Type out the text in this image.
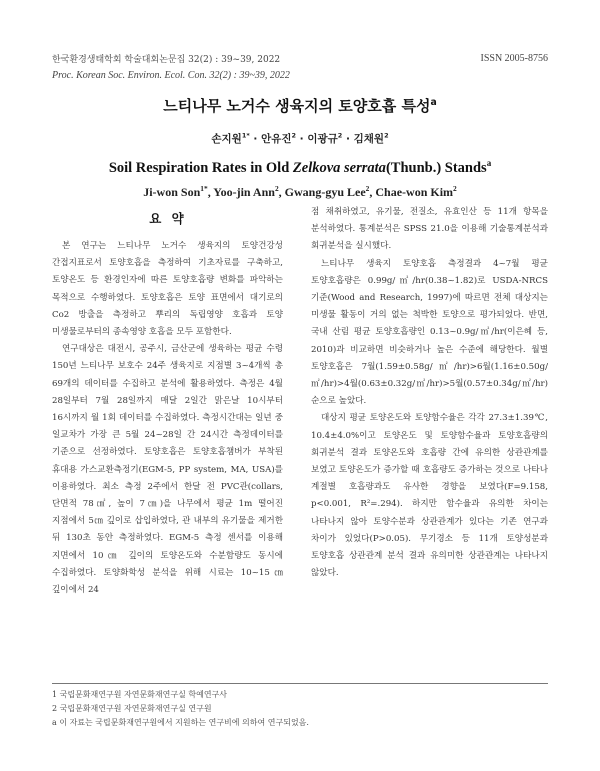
한국환경생태학회 학술대회논문집 32(2) : 39~39, 2022
Proc. Korean Soc. Environ. Ecol. Con. 32(2) : 39~39, 2022
ISSN 2005-8756
느티나무 노거수 생육지의 토양호흡 특성$^a$
손지원$^{1*}$ · 안유진$^2$ · 이광규$^2$ · 김채원$^2$
Soil Respiration Rates in Old Zelkova serrata(Thunb.) Stands$^a$
Ji-won Son$^{1*}$, Yoo-jin Ann$^2$, Gwang-gyu Lee$^2$, Chae-won Kim$^2$
요 약

본 연구는 느티나무 노거수 생육지의 토양건강성 간접지표로서 토양호흡을 측정하여 기초자료를 구축하고, 토양온도 등 환경인자에 따른 토양호흡량 변화를 파악하는 목적으로 수행하였다. 토양호흡은 토양 표면에서 대기로의 Co2 방출을 측정하고 뿌리의 독립영양 호흡과 토양 미생물로부터의 종속영양 호흡을 모두 포함한다.

연구대상은 대전시, 공주시, 금산군에 생육하는 평균 수령 150년 느티나무 보호수 24주 생육지로 지점별 3~4개씩 총 69개의 데이터를 수집하고 분석에 활용하였다. 측정은 4월 28일부터 7월 28일까지 매달 2일간 맑은날 10시부터 16시까지 월 1회 데이터를 수집하였다. 측정시간대는 일년 중 일교차가 가장 큰 5월 24~28일 간 24시간 측정데이터를 기준으로 선정하였다. 토양호흡은 토양호흡챔버가 부착된 휴대용 가스교환측정기(EGM-5, PP system, MA, USA)를 이용하였다. 최소 측정 2주에서 한달 전 PVC관(collars, 단면적 78㎠, 높이 7㎝)을 나무에서 평균 1m 떨어진 지점에서 5㎝ 깊이로 삽입하였다, 관 내부의 유기물을 제거한 뒤 130초 동안 측정하였다. EGM-5 측정 센서를 이용해 지면에서 10㎝ 깊이의 토양온도와 수분함량도 동시에 수집하였다. 토양화학성 분석을 위해 시료는 10~15㎝ 깊이에서 24

점 채취하였고, 유기물, 전질소, 유효인산 등 11개 항목을 분석하였다. 통계분석은 SPSS 21.0을 이용해 기술통계분석과 회귀분석을 실시했다.

느티나무 생육지 토양호흡 측정결과 4~7월 평균 토양호흡량은 0.99g/㎡/hr(0.38~1.82)로 USDA-NRCS 기준(Wood and Research, 1997)에 따르면 전체 대상지는 미생물 활동이 거의 없는 척박한 토양으로 평가되었다. 반면, 국내 산림 평균 토양호흡량인 0.13~0.9g/㎡/hr(이은혜 등, 2010)과 비교하면 비슷하거나 높은 수준에 해당한다. 월별 토양호흡은 7월(1.59±0.58g/㎡/hr)>6월(1.16±0.50g/㎡/hr)>4월(0.63±0.32g/㎡/hr)>5월(0.57±0.34g/㎡/hr)순으로 높았다.

대상지 평균 토양온도와 토양함수율은 각각 27.3±1.39℃, 10.4±4.0%이고 토양온도 및 토양함수율과 토양호흡량의 회귀분석 결과 토양온도와 호흡량 간에 유의한 상관관계를 보였고 토양온도가 증가할 때 호흡량도 증가하는 것으로 나타나 계절별 호흡량과도 유사한 경향을 보였다(F=9.158, p<0.001, R²=.294). 하지만 함수율과 유의한 차이는 나타나지 않아 토양수분과 상관관계가 있다는 기존 연구과 차이가 있었다(P>0.05). 무기경소 등 11개 토양성분과 토양호흡 상관관계 분석 결과 유의미한 상관관계는 나타나지 않았다.

1 국립문화재연구원 자연문화재연구실 학예연구사
2 국립문화재연구원 자연문화재연구실 연구원
a 이 자료는 국립문화재연구원에서 지원하는 연구비에 의하여 연구되었음.
